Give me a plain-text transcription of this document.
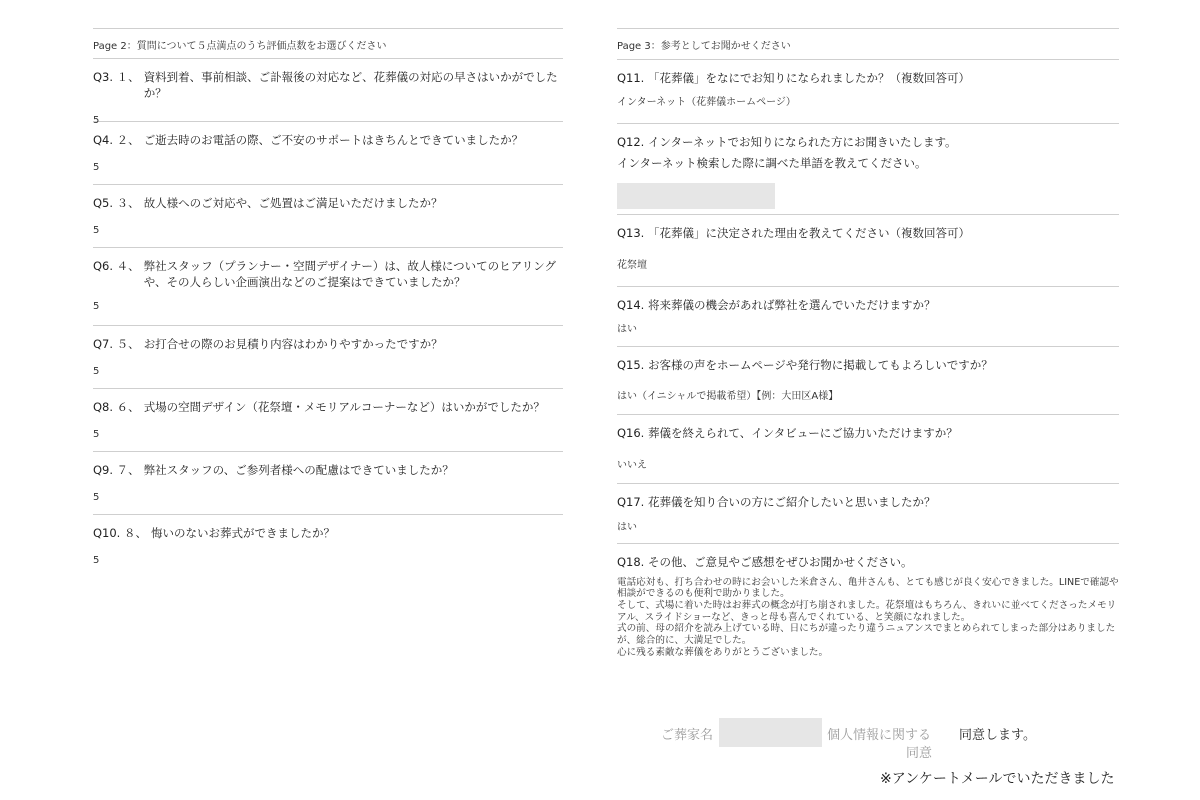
Page 2：質問について５点満点のうち評価点数をお選びください
Q3. １、 資料到着、事前相談、ご訃報後の対応など、花葬儀の対応の早さはいかがでしたか？
5
Q4. ２、 ご逝去時のお電話の際、ご不安のサポートはきちんとできていましたか？
5
Q5. ３、 故人様へのご対応や、ご処置はご満足いただけましたか？
5
Q6. ４、 弊社スタッフ（プランナー・空間デザイナー）は、故人様についてのヒアリングや、その人らしい企画演出などのご提案はできていましたか？
5
Q7. ５、 お打合せの際のお見積り内容はわかりやすかったですか？
5
Q8. ６、 式場の空間デザイン（花祭壇・メモリアルコーナーなど）はいかがでしたか？
5
Q9. ７、 弊社スタッフの、ご参列者様への配慮はできていましたか？
5
Q10. ８、 悔いのないお葬式ができましたか？
5
Page 3：参考としてお聞かせください
Q11. 「花葬儀」をなにでお知りになられましたか？（複数回答可）
インターネット（花葬儀ホームページ）
Q12. インターネットでお知りになられた方にお聞きいたします。
インターネット検索した際に調べた単語を教えてください。
Q13. 「花葬儀」に決定された理由を教えてください（複数回答可）
花祭壇
Q14. 将来葬儀の機会があれば弊社を選んでいただけますか？
はい
Q15. お客様の声をホームページや発行物に掲載してもよろしいですか？
はい（イニシャルで掲載希望）【例：大田区A様】
Q16. 葬儀を終えられて、インタビューにご協力いただけますか？
いいえ
Q17. 花葬儀を知り合いの方にご紹介したいと思いましたか？
はい
Q18. その他、ご意見やご感想をぜひお聞かせください。
電話応対も、打ち合わせの時にお会いした米倉さん、亀井さんも、とても感じが良く安心できました。LINEで確認や相談ができるのも便利で助かりました。
そして、式場に着いた時はお葬式の概念が打ち崩されました。花祭壇はもちろん、きれいに並べてくださったメモリアル、スライドショーなど、きっと母も喜んでくれている、と笑顔になれました。
式の前、母の紹介を読み上げている時、日にちが違ったり違うニュアンスでまとめられてしまった部分はありましたが、総合的に、大満足でした。
心に残る素敵な葬儀をありがとうございました。
ご葬家名	個人情報に関する
同意
同意します。
※アンケートメールでいただきました
